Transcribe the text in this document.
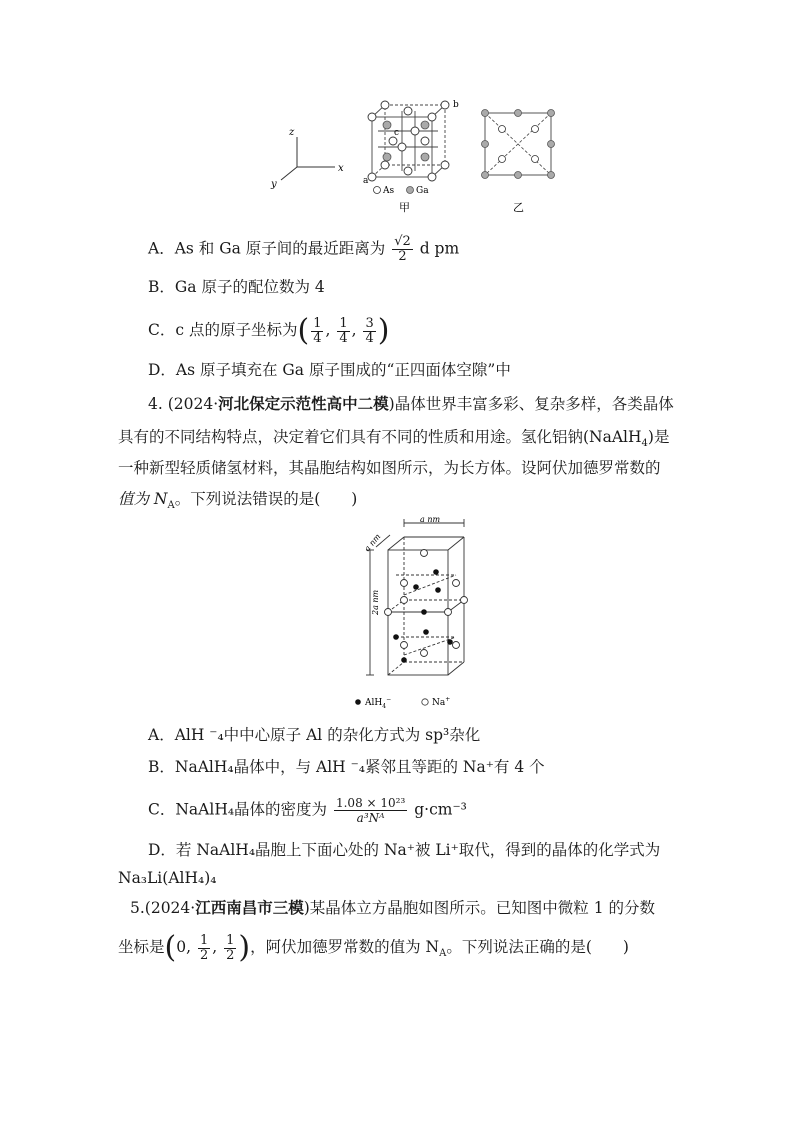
z
x
y	a
b
c
As Ga
甲	乙
A．As 和 Ga 原子间的最近距离为 $\frac{√2}{2}$ d pm
B．Ga 原子的配位数为 4
C．c 点的原子坐标为( $\frac{1}{4}$ , $\frac{1}{4}$ , $\frac{3}{4}$ )
D．As 原子填充在 Ga 原子围成的“正四面体空隙”中
4. (2024·河北保定示范性高中二模)晶体世界丰富多彩、复杂多样，各类晶体
具有的不同结构特点，决定着它们具有不同的性质和用途。氢化铝钠(NaAlH$_4$)是
一种新型轻质储氢材料，其晶胞结构如图所示，为长方体。设阿伏加德罗常数的
值为 $N_A$。下列说法错误的是(　　)
a nm
a nm
2a nm
AlH$_4$−	Na+
A．AlH ⁻₄中中心原子 Al 的杂化方式为 sp³杂化
B．NaAlH₄晶体中，与 AlH ⁻₄紧邻且等距的 Na⁺有 4 个
C．NaAlH₄晶体的密度为 $\frac{\text{1.08 × 10²³}}{\text{a³Nᴬ}} g\cdot cm^{-3}$
D．若 NaAlH₄晶胞上下面心处的 Na⁺被 Li⁺取代，得到的晶体的化学式为
Na₃Li(AlH₄)₄
5.(2024·江西南昌市三模)某晶体立方晶胞如图所示。已知图中微粒 1 的分数
坐标是(0, $\frac{1}{2}$ , $\frac{1}{2}$ )，阿伏加德罗常数的值为 $N_A$。下列说法正确的是(　　)
